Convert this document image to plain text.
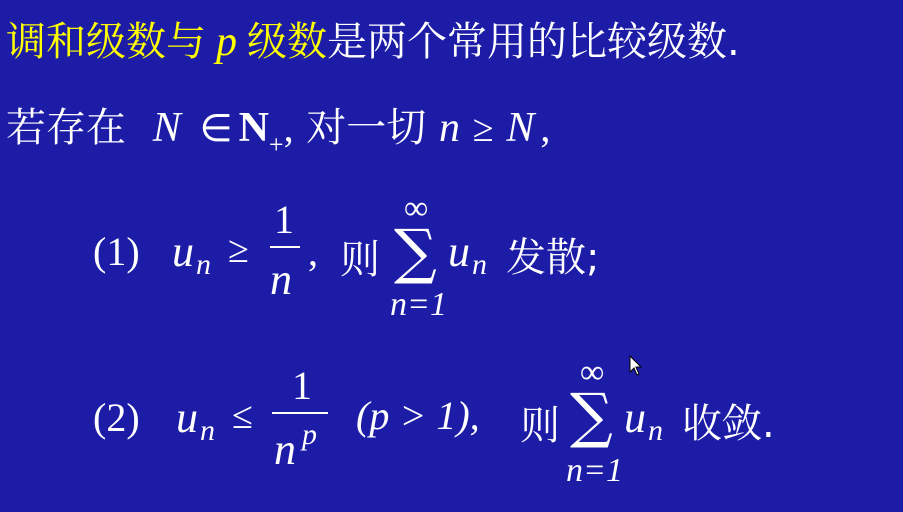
调和级数与 p 级数是两个常用的比较级数.
若存在 N ∈ $N_+$, 对一切 n ≥ N ,
(1) u n ≥
1
n
, 则
∞
∑
n=1
u n 发散;
(2) u n ≤
1
n p (p > 1), 则
∞
∑
n=1
u n 收敛.
